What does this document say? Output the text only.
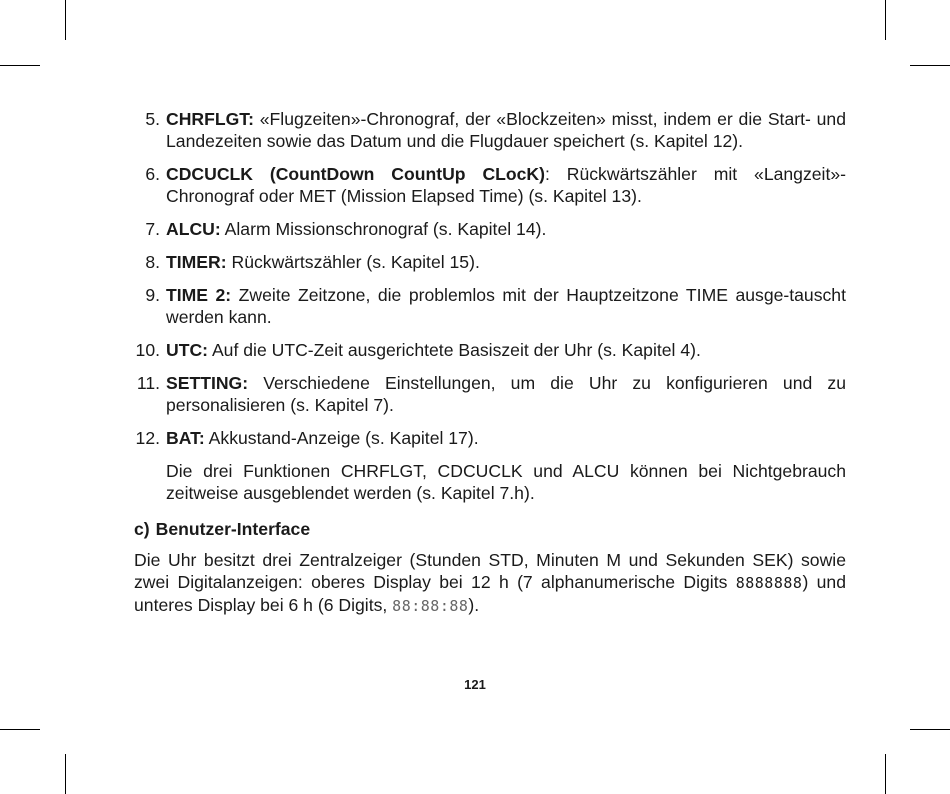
5. CHRFLGT: «Flugzeiten»-Chronograf, der «Blockzeiten» misst, indem er die Start- und Landezeiten sowie das Datum und die Flugdauer speichert (s. Kapitel 12).
6. CDCUCLK (CountDown CountUp CLocK): Rückwärtszähler mit «Langzeit»-Chronograf oder MET (Mission Elapsed Time) (s. Kapitel 13).
7. ALCU: Alarm Missionschronograf (s. Kapitel 14).
8. TIMER: Rückwärtszähler (s. Kapitel 15).
9. TIME 2: Zweite Zeitzone, die problemlos mit der Hauptzeitzone TIME ausge-tauscht werden kann.
10. UTC: Auf die UTC-Zeit ausgerichtete Basiszeit der Uhr (s. Kapitel 4).
11. SETTING: Verschiedene Einstellungen, um die Uhr zu konfigurieren und zu personalisieren (s. Kapitel 7).
12. BAT: Akkustand-Anzeige (s. Kapitel 17).
Die drei Funktionen CHRFLGT, CDCUCLK und ALCU können bei Nichtgebrauch zeitweise ausgeblendet werden (s. Kapitel 7.h).
c) Benutzer-Interface
Die Uhr besitzt drei Zentralzeiger (Stunden STD, Minuten M und Sekunden SEK) sowie zwei Digitalanzeigen: oberes Display bei 12 h (7 alphanumerische Digits 8888888) und unteres Display bei 6 h (6 Digits, 88:88:88).
121
